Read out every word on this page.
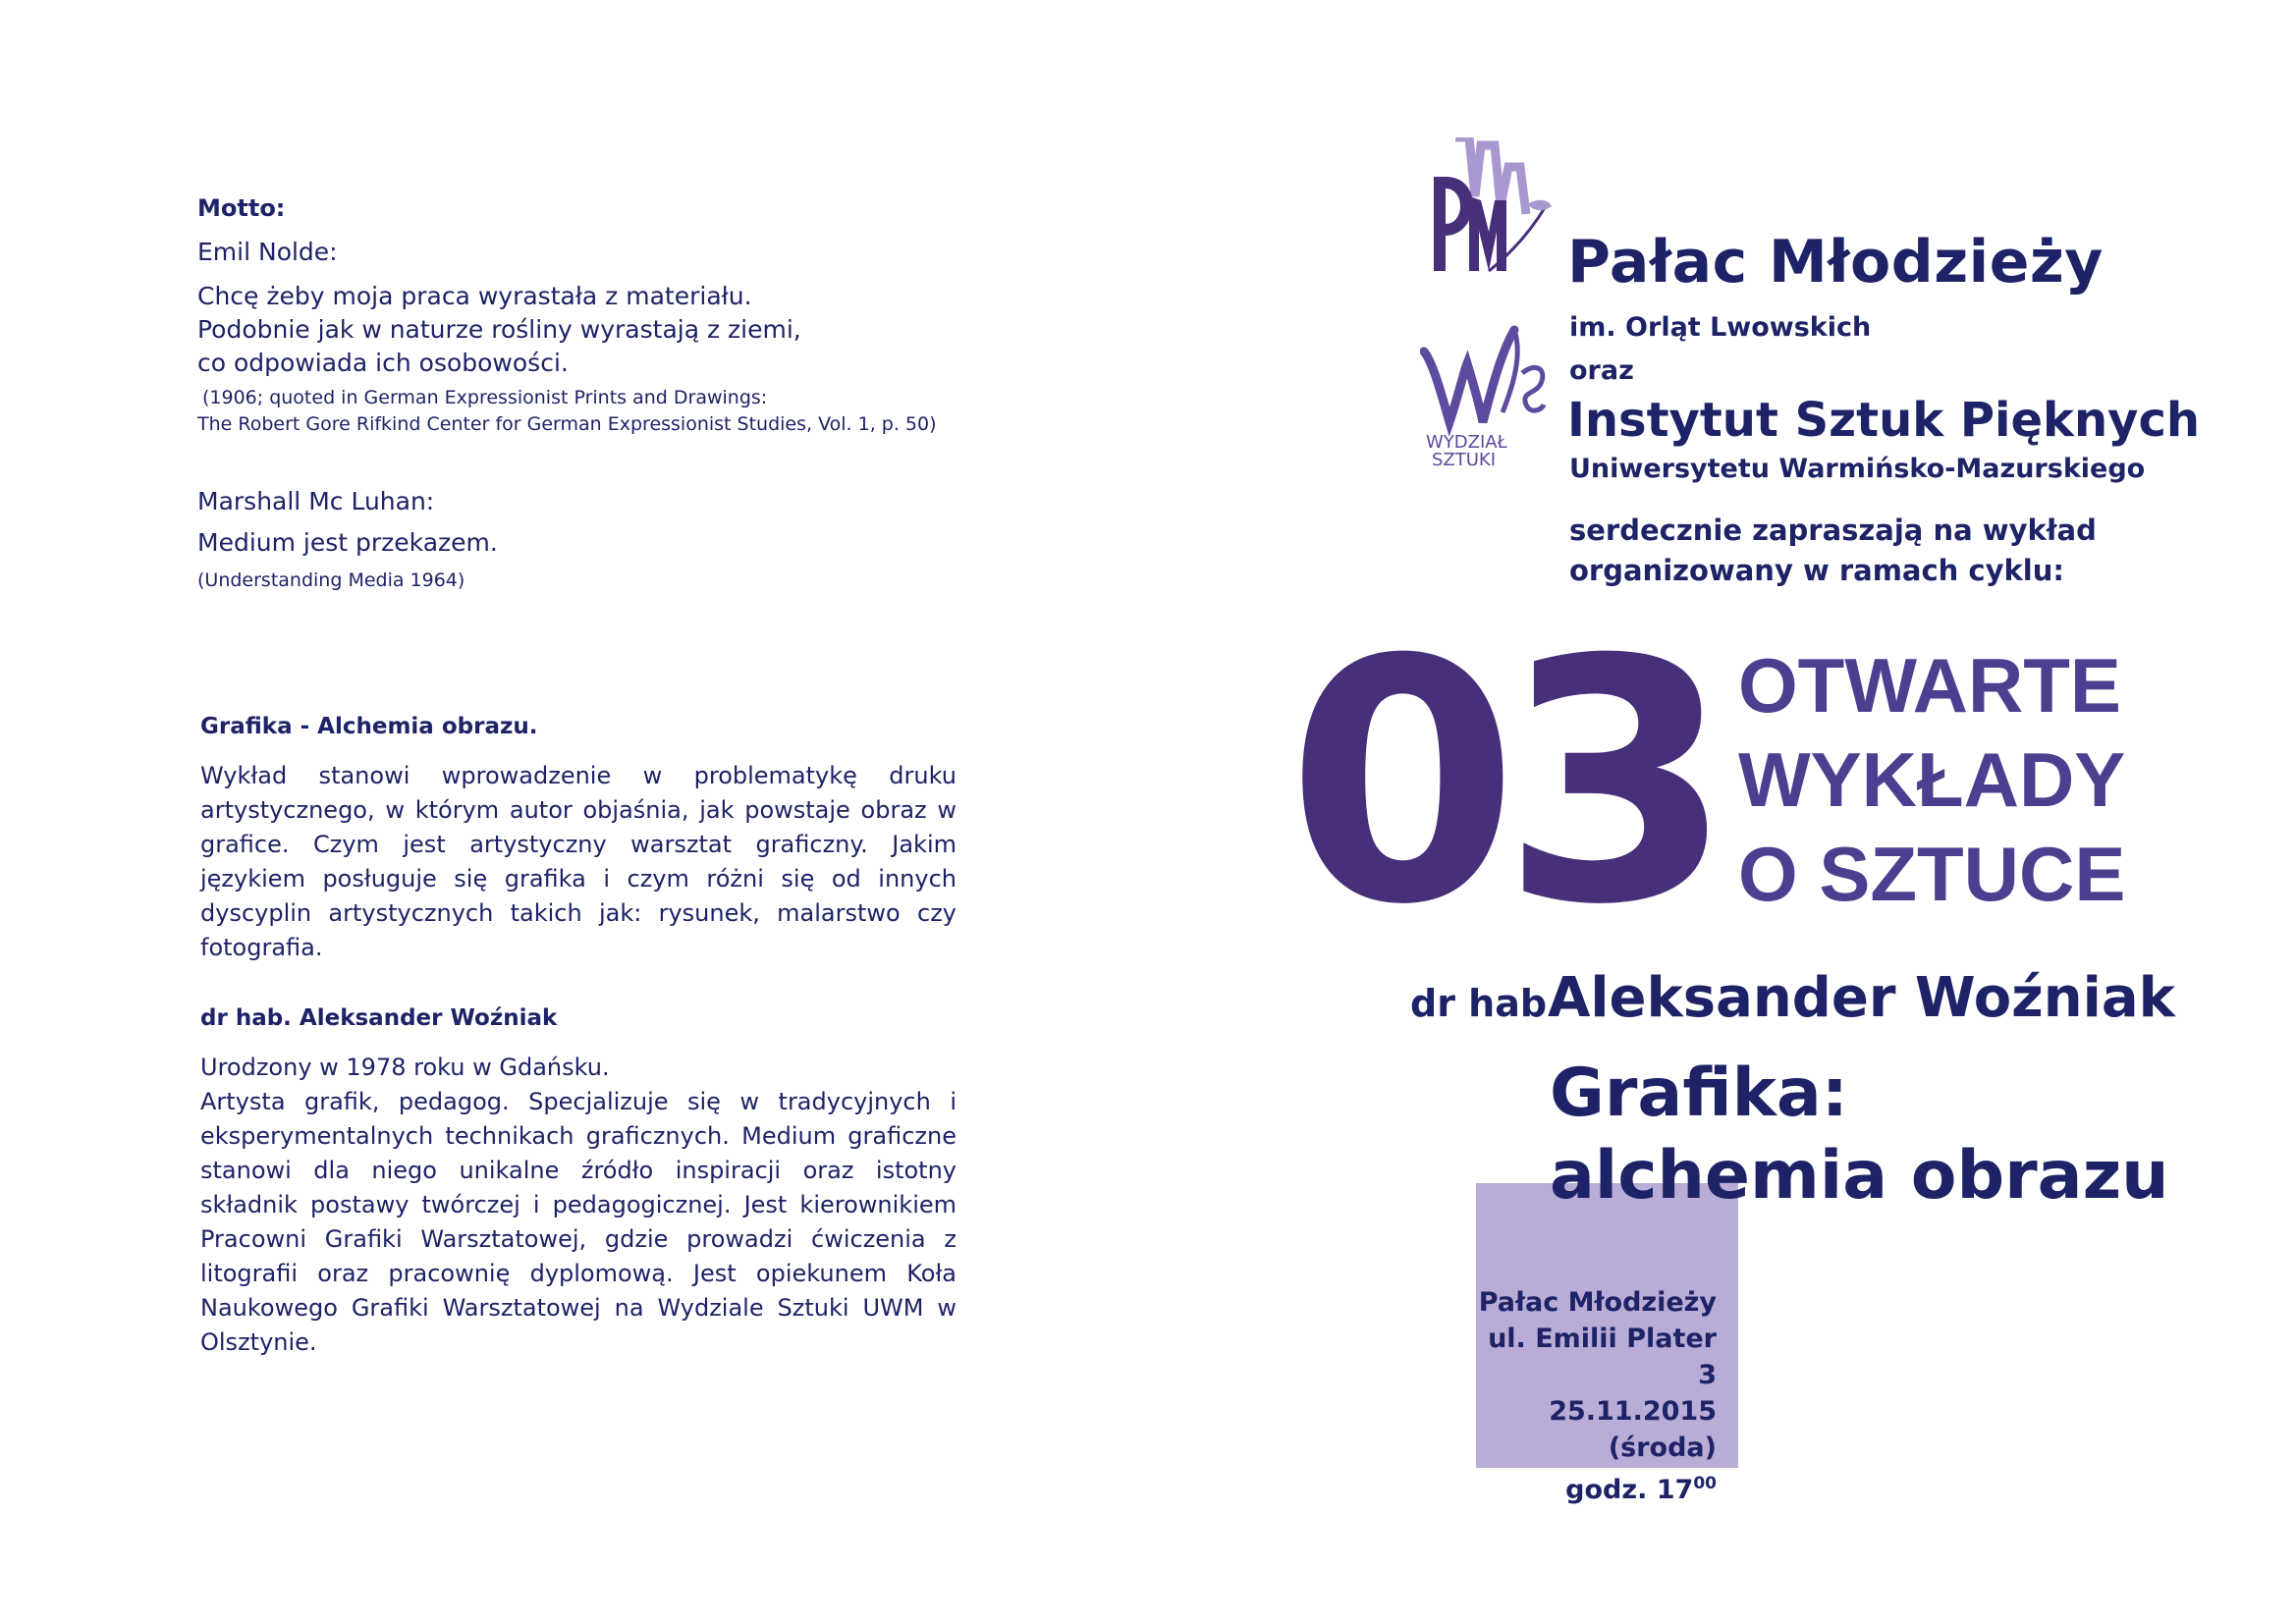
Motto:
Emil Nolde:
Chcę żeby moja praca wyrastała z materiału.
Podobnie jak w naturze rośliny wyrastają z ziemi,
co odpowiada ich osobowości.
(1906; quoted in German Expressionist Prints and Drawings:
The Robert Gore Rifkind Center for German Expressionist Studies, Vol. 1, p. 50)
Marshall Mc Luhan:
Medium jest przekazem.
(Understanding Media 1964)
Grafika - Alchemia obrazu.
Wykład stanowi wprowadzenie w problematykę druku artystycznego, w którym autor objaśnia, jak powstaje obraz w grafice. Czym jest artystyczny warsztat graficzny. Jakim językiem posługuje się grafika i czym różni się od innych dyscyplin artystycznych takich jak: rysunek, malarstwo czy fotografia.
dr hab. Aleksander Woźniak
Urodzony w 1978 roku w Gdańsku.
Artysta grafik, pedagog. Specjalizuje się w tradycyjnych i eksperymentalnych technikach graficznych. Medium graficzne stanowi dla niego unikalne źródło inspiracji oraz istotny składnik postawy twórczej i pedagogicznej. Jest kierownikiem Pracowni Grafiki Warsztatowej, gdzie prowadzi ćwiczenia z litografii oraz pracownię dyplomową. Jest opiekunem Koła Naukowego Grafiki Warsztatowej na Wydziale Sztuki UWM w Olsztynie.
WYDZIAŁ
SZTUKI
Pałac Młodzieży
im. Orląt Lwowskich
oraz
Instytut Sztuk Pięknych
Uniwersytetu Warmińsko-Mazurskiego
serdecznie zapraszają na wykład
organizowany w ramach cyklu:
03 OTWARTE
WYKŁADY
O SZTUCE
dr hab.
Aleksander Woźniak
Grafika:
alchemia obrazu
Pałac Młodzieży
ul. Emilii Plater 3
25.11.2015 (środa)
godz. $17^{00}$
